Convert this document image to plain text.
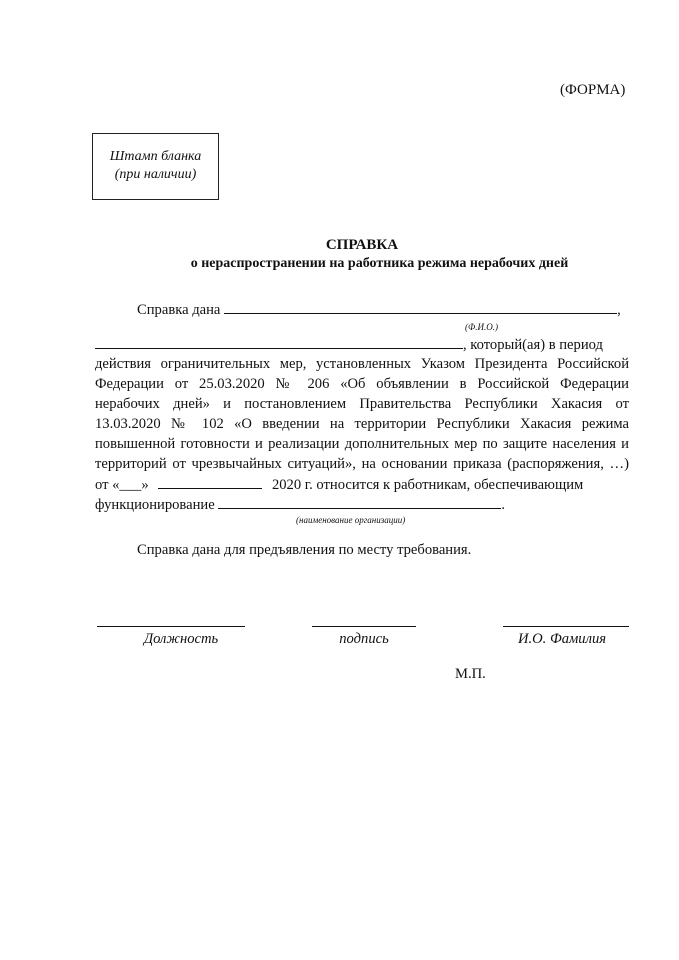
(ФОРМА)
Штамп бланка
(при наличии)
СПРАВКА
о нераспространении на работника режима нерабочих дней
Справка дана	,
(Ф.И.О.)
, который(ая) в период
действия ограничительных мер, установленных Указом Президента Российской
Федерации от 25.03.2020 № 206 «Об объявлении в Российской Федерации
нерабочих дней» и постановлением Правительства Республики Хакасия от
13.03.2020 № 102 «О введении на территории Республики Хакасия режима
повышенной готовности и реализации дополнительных мер по защите населения и
территорий от чрезвычайных ситуаций», на основании приказа (распоряжения, …)
от «___»	2020 г. относится к работникам, обеспечивающим
функционирование	.
(наименование организации)
Справка дана для предъявления по месту требования.
Должность	подпись	И.О. Фамилия
М.П.
